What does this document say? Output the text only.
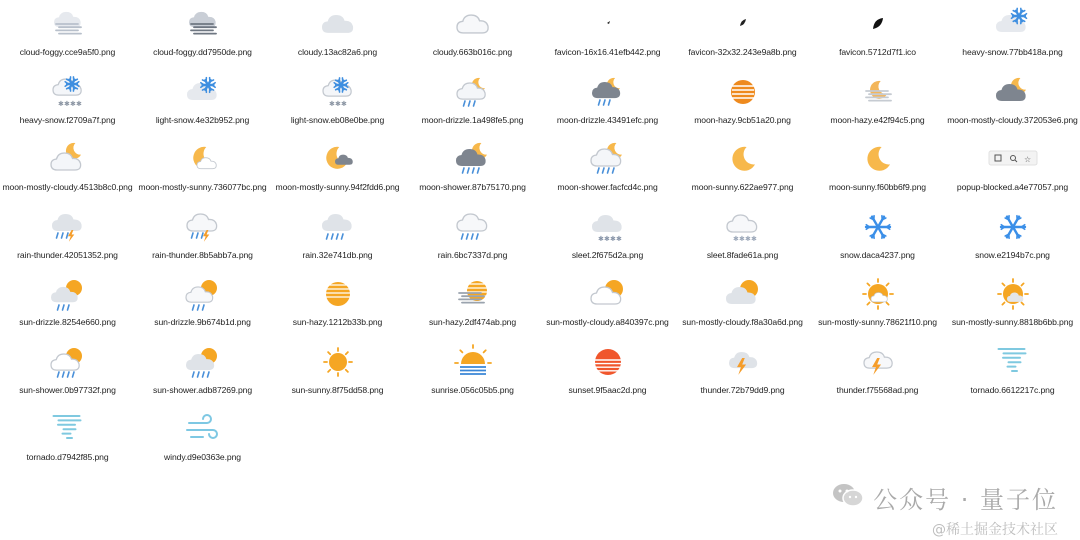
cloud-foggy.cce9a5f0.png	cloud-foggy.dd7950de.png	cloudy.13ac82a6.png	cloudy.663b016c.png	favicon-16x16.41efb442.png	favicon-32x32.243e9a8b.png	favicon.5712d7f1.ico	heavy-snow.77bb418a.png
✱ ✱ ✱ ✱
heavy-snow.f2709a7f.png	light-snow.4e32b952.png
✱ ✱ ✱
light-snow.eb08e0be.png	moon-drizzle.1a498fe5.png	moon-drizzle.43491efc.png	moon-hazy.9cb51a20.png	moon-hazy.e42f94c5.png	moon-mostly-cloudy.372053e6.png
moon-mostly-cloudy.4513b8c0.png moon-mostly-sunny.736077bc.png moon-mostly-sunny.94f2fdd6.png moon-shower.87b75170.png	moon-shower.facfcd4c.png	moon-sunny.622ae977.png	moon-sunny.f60bb6f9.png
☆
popup-blocked.a4e77057.png
rain-thunder.42051352.png	rain-thunder.8b5abb7a.png	rain.32e741db.png	rain.6bc7337d.png
✱ ✱ ✱ ✱
sleet.2f675d2a.png
✱ ✱ ✱ ✱
sleet.8fade61a.png	snow.daca4237.png	snow.e2194b7c.png
sun-drizzle.8254e660.png	sun-drizzle.9b674b1d.png	sun-hazy.1212b33b.png	sun-hazy.2df474ab.png	sun-mostly-cloudy.a840397c.png sun-mostly-cloudy.f8a30a6d.png sun-mostly-sunny.78621f10.png sun-mostly-sunny.8818b6bb.png
sun-shower.0b97732f.png	sun-shower.adb87269.png	sun-sunny.8f75dd58.png	sunrise.056c05b5.png	sunset.9f5aac2d.png	thunder.72b79dd9.png	thunder.f75568ad.png	tornado.6612217c.png
tornado.d7942f85.png	windy.d9e0363e.png
公众号 · 量子位
@稀土掘金技术社区
